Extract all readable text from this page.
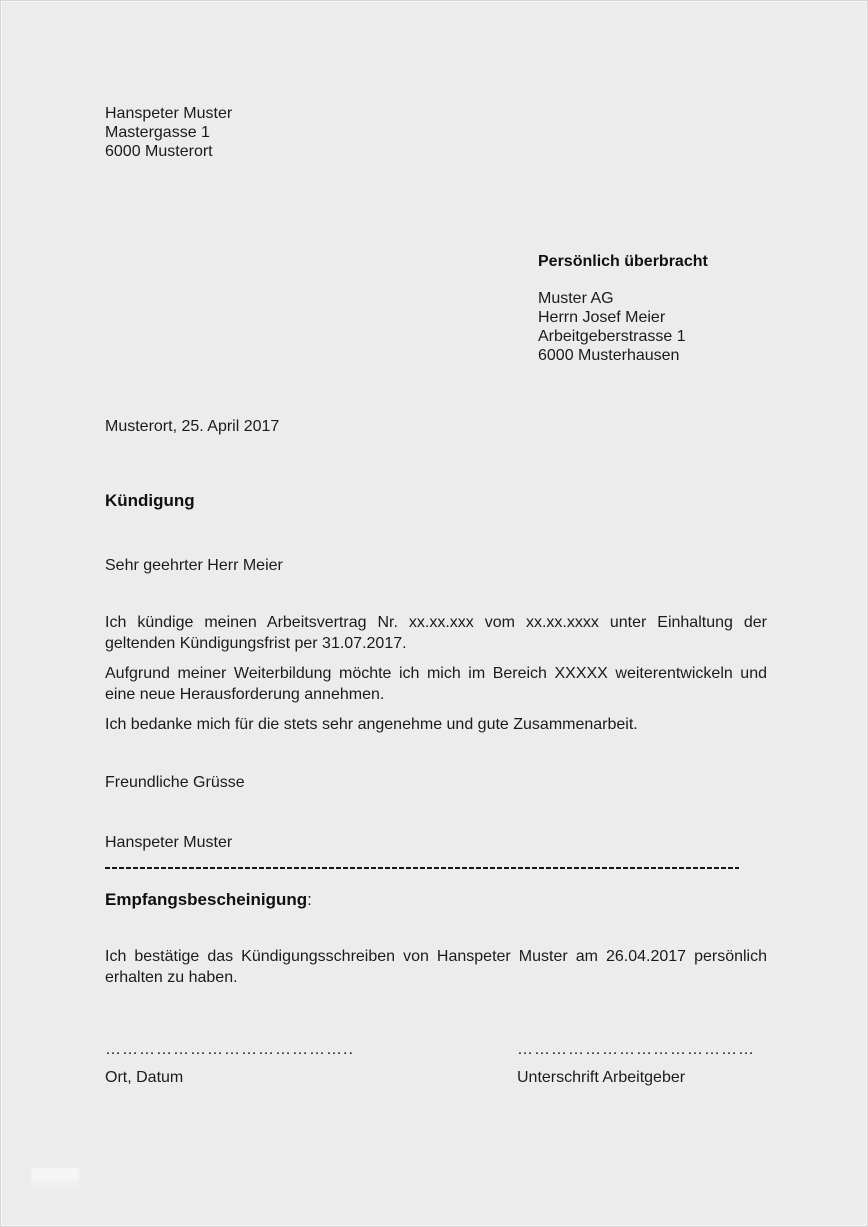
Hanspeter Muster
Mastergasse 1
6000 Musterort
Persönlich überbracht
Muster AG
Herrn Josef Meier
Arbeitgeberstrasse 1
6000 Musterhausen
Musterort, 25. April 2017
Kündigung
Sehr geehrter Herr Meier
Ich kündige meinen Arbeitsvertrag Nr. xx.xx.xxx vom xx.xx.xxxx unter Einhaltung der geltenden Kündigungsfrist per 31.07.2017.
Aufgrund meiner Weiterbildung möchte ich mich im Bereich XXXXX weiterentwickeln und eine neue Herausforderung annehmen.
Ich bedanke mich für die stets sehr angenehme und gute Zusammenarbeit.
Freundliche Grüsse
Hanspeter Muster
Empfangsbescheinigung:
Ich bestätige das Kündigungsschreiben von Hanspeter Muster am 26.04.2017 persönlich erhalten zu haben.
……………………………………..
Ort, Datum
……………………………………
Unterschrift Arbeitgeber
